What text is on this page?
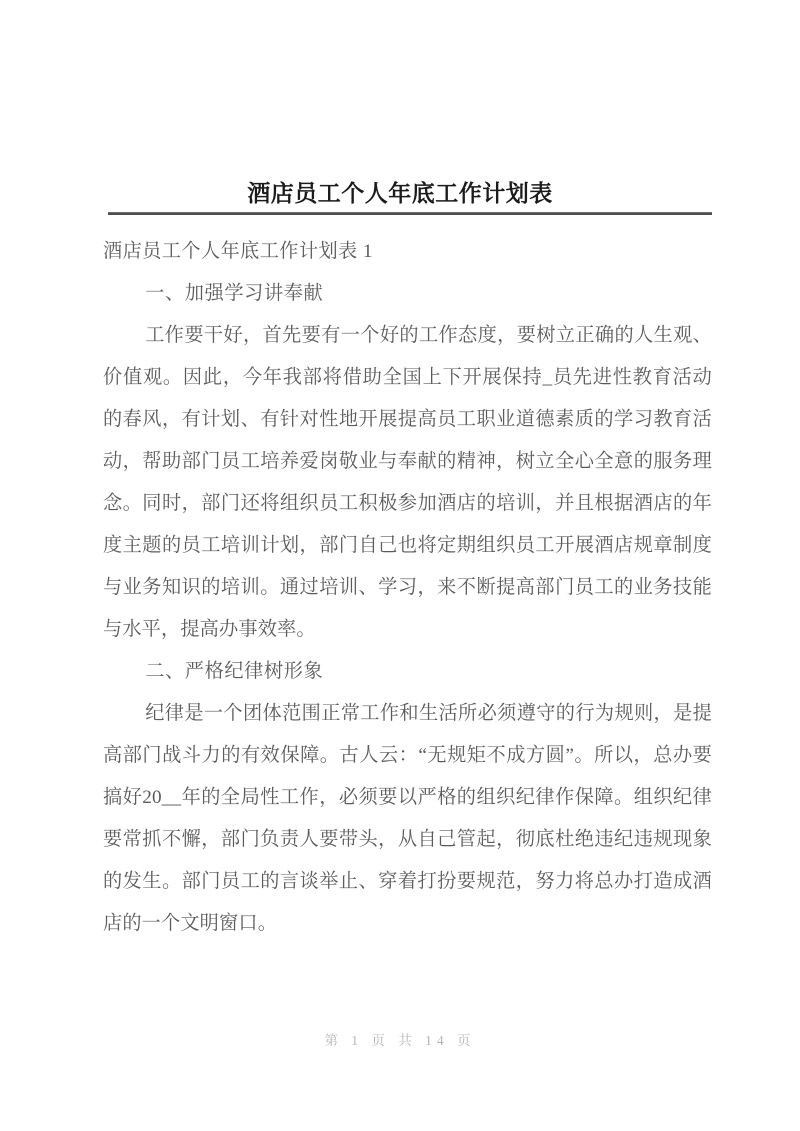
酒店员工个人年底工作计划表
酒店员工个人年底工作计划表 1
一、加强学习讲奉献

工作要干好，首先要有一个好的工作态度，要树立正确的人生观、价值观。因此，今年我部将借助全国上下开展保持_员先进性教育活动的春风，有计划、有针对性地开展提高员工职业道德素质的学习教育活动，帮助部门员工培养爱岗敬业与奉献的精神，树立全心全意的服务理念。同时，部门还将组织员工积极参加酒店的培训，并且根据酒店的年度主题的员工培训计划，部门自己也将定期组织员工开展酒店规章制度与业务知识的培训。通过培训、学习，来不断提高部门员工的业务技能与水平，提高办事效率。

二、严格纪律树形象

纪律是一个团体范围正常工作和生活所必须遵守的行为规则，是提高部门战斗力的有效保障。古人云：“无规矩不成方圆”。所以，总办要搞好20__年的全局性工作，必须要以严格的组织纪律作保障。组织纪律要常抓不懈，部门负责人要带头，从自己管起，彻底杜绝违纪违规现象的发生。部门员工的言谈举止、穿着打扮要规范，努力将总办打造成酒店的一个文明窗口。

第 1 页 共 14 页
